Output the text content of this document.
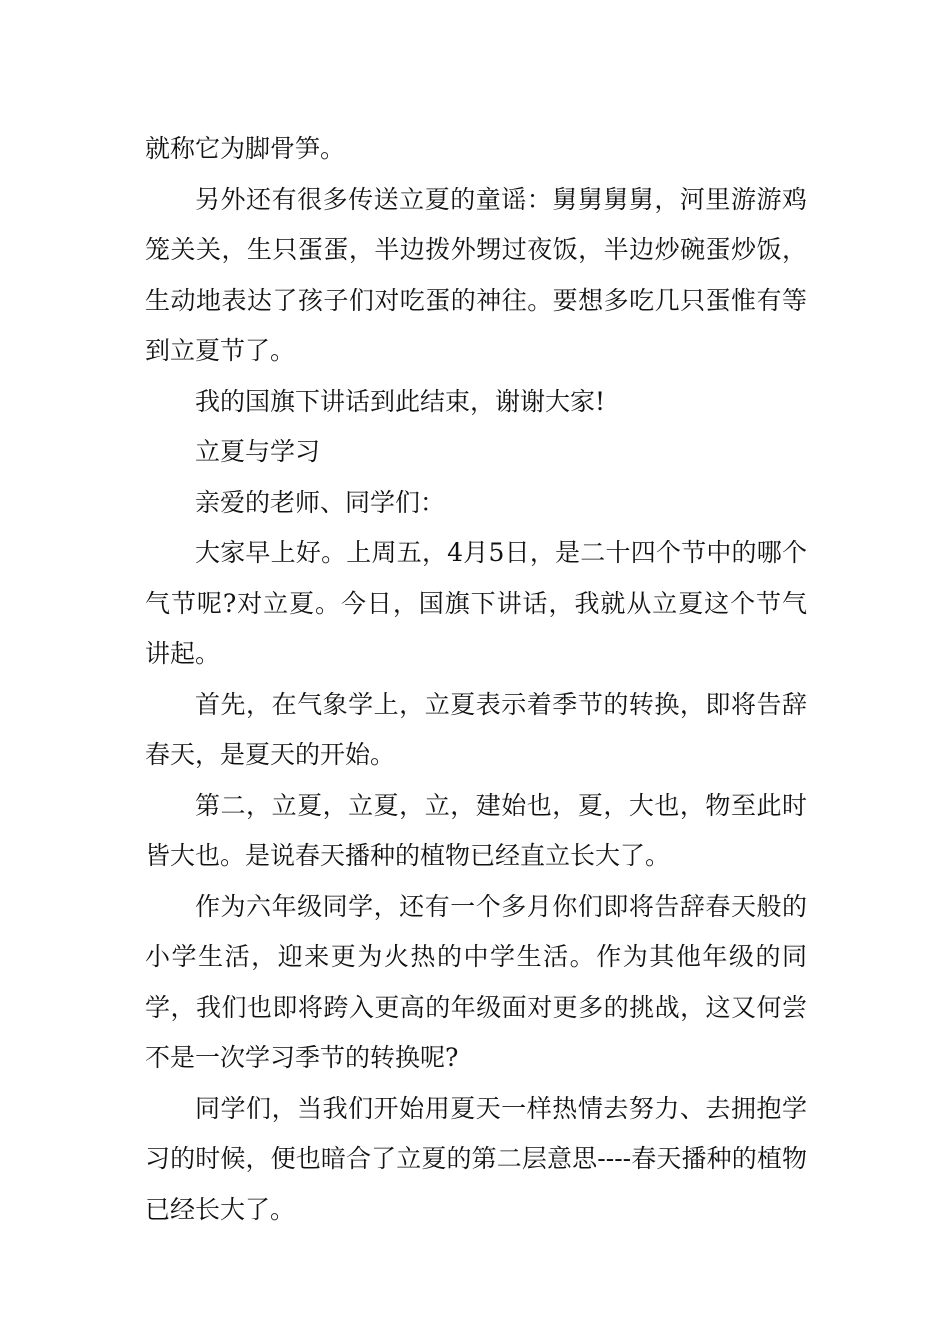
就称它为脚骨笋。

另外还有很多传送立夏的童谣：舅舅舅舅，河里游游鸡笼关关，生只蛋蛋，半边拨外甥过夜饭，半边炒碗蛋炒饭，生动地表达了孩子们对吃蛋的神往。要想多吃几只蛋惟有等到立夏节了。

我的国旗下讲话到此结束，谢谢大家!

立夏与学习

亲爱的老师、同学们：

大家早上好。上周五，4月5日，是二十四个节中的哪个气节呢?对立夏。今日，国旗下讲话，我就从立夏这个节气讲起。

首先，在气象学上，立夏表示着季节的转换，即将告辞春天，是夏天的开始。

第二，立夏，立夏，立，建始也，夏，大也，物至此时皆大也。是说春天播种的植物已经直立长大了。

作为六年级同学，还有一个多月你们即将告辞春天般的小学生活，迎来更为火热的中学生活。作为其他年级的同学，我们也即将跨入更高的年级面对更多的挑战，这又何尝不是一次学习季节的转换呢?

同学们，当我们开始用夏天一样热情去努力、去拥抱学习的时候，便也暗合了立夏的第二层意思----春天播种的植物已经长大了。
